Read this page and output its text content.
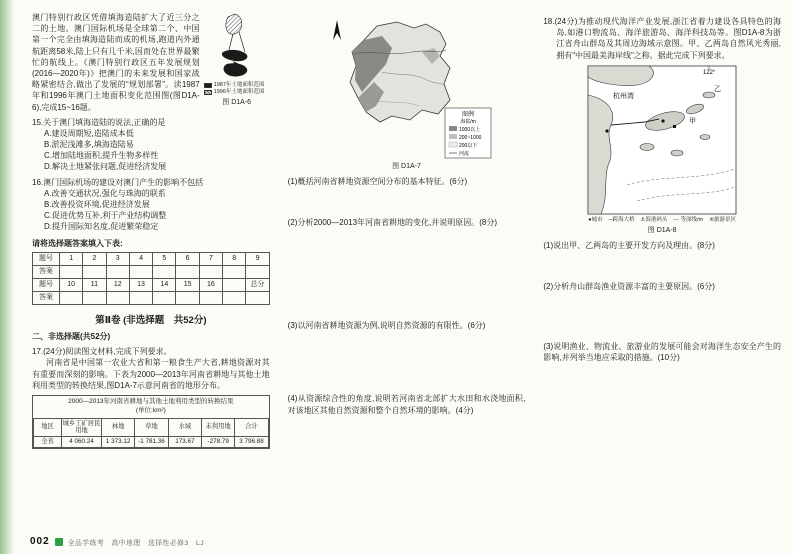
1987年土地面积范围
1996年土地面积范围
图 D1A-6
澳门特别行政区凭借填海造陆扩大了近三分之二的土地。澳门国际机场是全球第二个、中国第一个完全由填海造陆而成的机场,跑道内外通航距离58米,陆上只有几千米,因而处在世界最繁忙的航线上。《澳门特别行政区五年发展规划(2016—2020年)》把澳门的未来发展和国家战略紧密结合,做出了发展的“规划部署”。读1987年和1996年澳门土地面积变化范围图(图D1A-6),完成15~16题。
15.关于澳门填海造陆的说法,正确的是
A.建设周期短,造陆成本低
B.淤泥浅滩多,填海造陆易
C.增加陆地面积,提升生物多样性
D.解决土地紧张问题,促进经济发展
16.澳门国际机场的建设对澳门产生的影响不包括
A.改善交通状况,强化与珠海的联系
B.改善投资环境,促进经济发展
C.促进优势互补,利于产业结构调整
D.提升国际知名度,促进繁荣稳定
请将选择题答案填入下表:
题号	1	2	3	4	5	6	7	8	9
答案									
题号	10	11	12	13	14	15	16		总分
答案									
第Ⅱ卷 (非选择题　共52分)
二、非选择题(共52分)
17.(24分)阅读图文材料,完成下列要求。
河南省是中国第一农业大省和第一粮食生产大省,耕地资源对其有重要而深刻的影响。下表为2000—2013年河南省耕地与其他土地利用类型的转换结果,图D1A-7示意河南省的地形分布。
2000—2013年河南省耕地与其他土地利用类型的转换结果
(单位:km²)
地区	城乡工矿居民用地	林地	草地	水域	未利用地	合计
全省	4 060.24	1 373.12	-1 781.36	173.67	-278.79	3 796.88
图例
海拔/m
1000以上
200~1000
200以下
河流
图 D1A-7
(1)概括河南省耕地资源空间分布的基本特征。(6分)
(2)分析2000—2013年河南省耕地的变化,并说明原因。(8分)
(3)以河南省耕地资源为例,说明自然资源的有限性。(6分)
(4)从资源综合性的角度,说明若河南省北部扩大水田和水浇地面积,对该地区其他自然资源和整个自然环境的影响。(4分)
18.(24分)为推动现代海洋产业发展,浙江省着力建设各具特色的海岛,如港口物流岛、海洋旅游岛、海洋科技岛等。图D1A-8为浙江省舟山群岛及其周边海域示意图。甲、乙两岛自然风光秀丽,拥有“中国最美海岸线”之称。据此完成下列要求。
122°
杭州湾
甲
乙
●城市 ─跨海大桥 ⚓海港码头 --- 等深线/m ④旅游景区
图 D1A-8
(1)说出甲、乙两岛的主要开发方向及理由。(8分)
(2)分析舟山群岛渔业资源丰富的主要原因。(6分)
(3)说明渔业、物流业、旅游业的发展可能会对海洋生态安全产生的影响,并列举当地应采取的措施。(10分)
002	全品学练考　高中地理　选择性必修3　LJ
